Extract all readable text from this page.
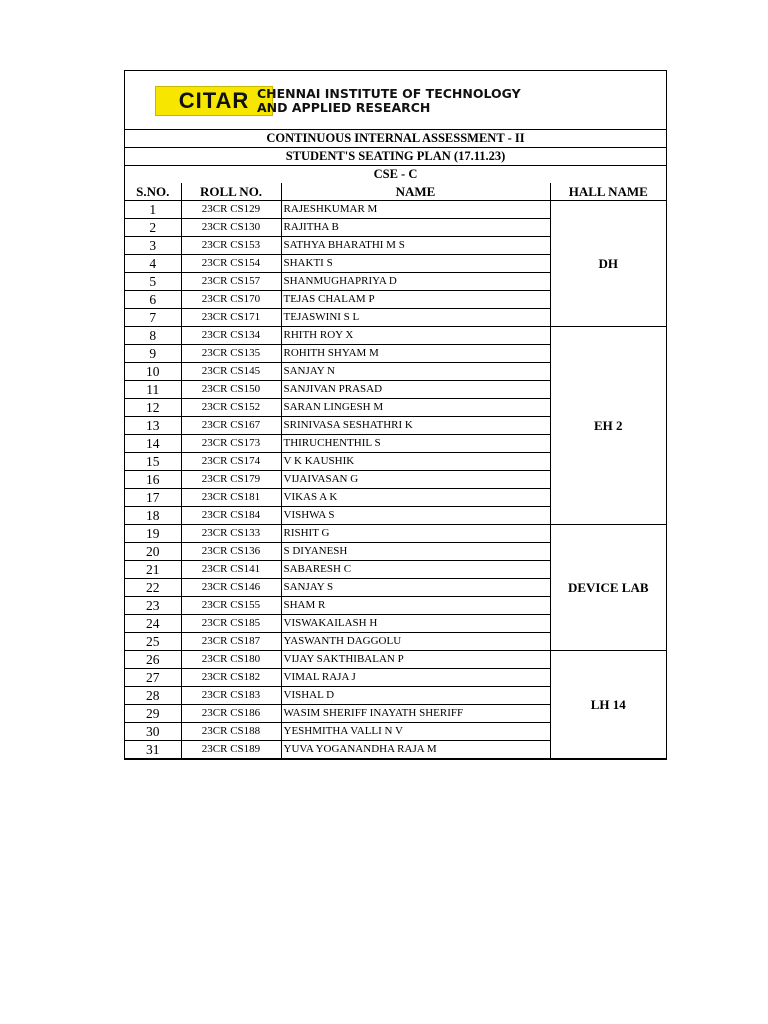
CITAR CHENNAI INSTITUTE OF TECHNOLOGY
AND APPLIED RESEARCH
CONTINUOUS INTERNAL ASSESSMENT - II
STUDENT'S SEATING PLAN (17.11.23)
CSE - C
S.NO.	ROLL NO.	NAME	HALL NAME
1	23CR CS129	RAJESHKUMAR M	DH
2	23CR CS130	RAJITHA B	
3	23CR CS153	SATHYA BHARATHI M S	
4	23CR CS154	SHAKTI S	
5	23CR CS157	SHANMUGHAPRIYA D	
6	23CR CS170	TEJAS CHALAM P	
7	23CR CS171	TEJASWINI S L	
8	23CR CS134	RHITH ROY X	EH 2
9	23CR CS135	ROHITH SHYAM M	
10	23CR CS145	SANJAY N	
11	23CR CS150	SANJIVAN PRASAD	
12	23CR CS152	SARAN LINGESH M	
13	23CR CS167	SRINIVASA SESHATHRI K	
14	23CR CS173	THIRUCHENTHIL S	
15	23CR CS174	V K KAUSHIK	
16	23CR CS179	VIJAIVASAN G	
17	23CR CS181	VIKAS A K	
18	23CR CS184	VISHWA S	
19	23CR CS133	RISHIT G	DEVICE LAB
20	23CR CS136	S DIYANESH	
21	23CR CS141	SABARESH C	
22	23CR CS146	SANJAY S	
23	23CR CS155	SHAM R	
24	23CR CS185	VISWAKAILASH H	
25	23CR CS187	YASWANTH DAGGOLU	
26	23CR CS180	VIJAY SAKTHIBALAN P	LH 14
27	23CR CS182	VIMAL RAJA J	
28	23CR CS183	VISHAL D	
29	23CR CS186	WASIM SHERIFF INAYATH SHERIFF	
30	23CR CS188	YESHMITHA VALLI N V	
31	23CR CS189	YUVA YOGANANDHA RAJA M	
